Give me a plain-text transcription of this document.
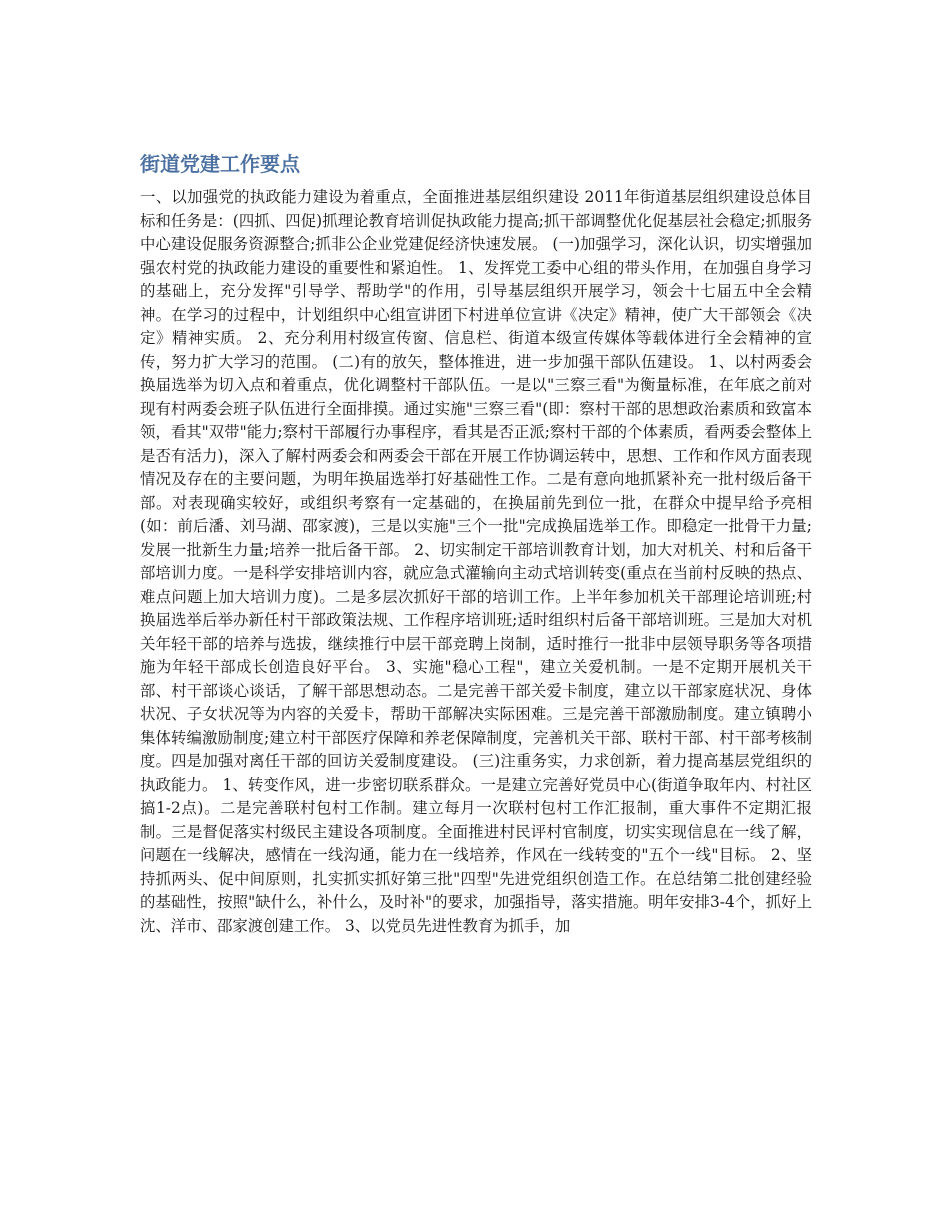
街道党建工作要点

一、以加强党的执政能力建设为着重点，全面推进基层组织建设 2011年街道基层组织建设总体目标和任务是：(四抓、四促)抓理论教育培训促执政能力提高;抓干部调整优化促基层社会稳定;抓服务中心建设促服务资源整合;抓非公企业党建促经济快速发展。 (一)加强学习，深化认识，切实增强加强农村党的执政能力建设的重要性和紧迫性。 1、发挥党工委中心组的带头作用，在加强自身学习的基础上，充分发挥"引导学、帮助学"的作用，引导基层组织开展学习，领会十七届五中全会精神。在学习的过程中，计划组织中心组宣讲团下村进单位宣讲《决定》精神，使广大干部领会《决定》精神实质。 2、充分利用村级宣传窗、信息栏、街道本级宣传媒体等载体进行全会精神的宣传，努力扩大学习的范围。 (二)有的放矢，整体推进，进一步加强干部队伍建设。 1、以村两委会换届选举为切入点和着重点，优化调整村干部队伍。一是以"三察三看"为衡量标准，在年底之前对现有村两委会班子队伍进行全面排摸。通过实施"三察三看"(即：察村干部的思想政治素质和致富本领，看其"双带"能力;察村干部履行办事程序，看其是否正派;察村干部的个体素质，看两委会整体上是否有活力)，深入了解村两委会和两委会干部在开展工作协调运转中，思想、工作和作风方面表现情况及存在的主要问题，为明年换届选举打好基础性工作。二是有意向地抓紧补充一批村级后备干部。对表现确实较好，或组织考察有一定基础的，在换届前先到位一批，在群众中提早给予亮相(如：前后潘、刘马湖、邵家渡)，三是以实施"三个一批"完成换届选举工作。即稳定一批骨干力量;发展一批新生力量;培养一批后备干部。 2、切实制定干部培训教育计划，加大对机关、村和后备干部培训力度。一是科学安排培训内容，就应急式灌输向主动式培训转变(重点在当前村反映的热点、难点问题上加大培训力度)。二是多层次抓好干部的培训工作。上半年参加机关干部理论培训班;村换届选举后举办新任村干部政策法规、工作程序培训班;适时组织村后备干部培训班。三是加大对机关年轻干部的培养与选拔，继续推行中层干部竞聘上岗制，适时推行一批非中层领导职务等各项措施为年轻干部成长创造良好平台。 3、实施"稳心工程"，建立关爱机制。一是不定期开展机关干部、村干部谈心谈话，了解干部思想动态。二是完善干部关爱卡制度，建立以干部家庭状况、身体状况、子女状况等为内容的关爱卡，帮助干部解决实际困难。三是完善干部激励制度。建立镇聘小集体转编激励制度;建立村干部医疗保障和养老保障制度，完善机关干部、联村干部、村干部考核制度。四是加强对离任干部的回访关爱制度建设。 (三)注重务实，力求创新，着力提高基层党组织的执政能力。 1、转变作风，进一步密切联系群众。一是建立完善好党员中心(街道争取年内、村社区搞1-2点)。二是完善联村包村工作制。建立每月一次联村包村工作汇报制，重大事件不定期汇报制。三是督促落实村级民主建设各项制度。全面推进村民评村官制度，切实实现信息在一线了解，问题在一线解决，感情在一线沟通，能力在一线培养，作风在一线转变的"五个一线"目标。 2、坚持抓两头、促中间原则，扎实抓实抓好第三批"四型"先进党组织创造工作。在总结第二批创建经验的基础性，按照"缺什么，补什么，及时补"的要求，加强指导，落实措施。明年安排3-4个，抓好上沈、洋市、邵家渡创建工作。 3、以党员先进性教育为抓手，加
